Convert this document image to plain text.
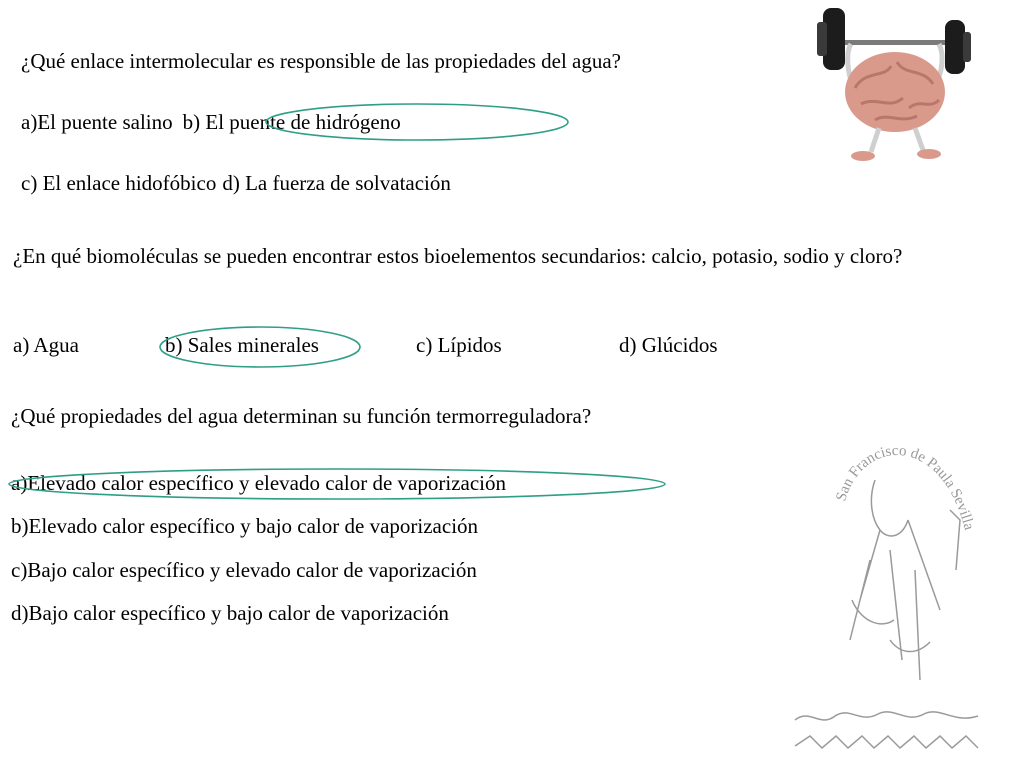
¿Qué enlace intermolecular es responsible de las propiedades del agua?

a)El puente salino b) El puente de hidrógeno

c) El enlace hidofóbico d) La fuerza de solvatación

¿En qué biomoléculas se pueden encontrar estos bioelementos secundarios: calcio, potasio, sodio y cloro?

a) Agua	b) Sales minerales	c) Lípidos	d) Glúcidos

¿Qué propiedades del agua determinan su función termorreguladora?

a)Elevado calor específico y elevado calor de vaporización

b)Elevado calor específico y bajo calor de vaporización

c)Bajo calor específico y elevado calor de vaporización

d)Bajo calor específico y bajo calor de vaporización

San Francisco de Paula Sevilla
